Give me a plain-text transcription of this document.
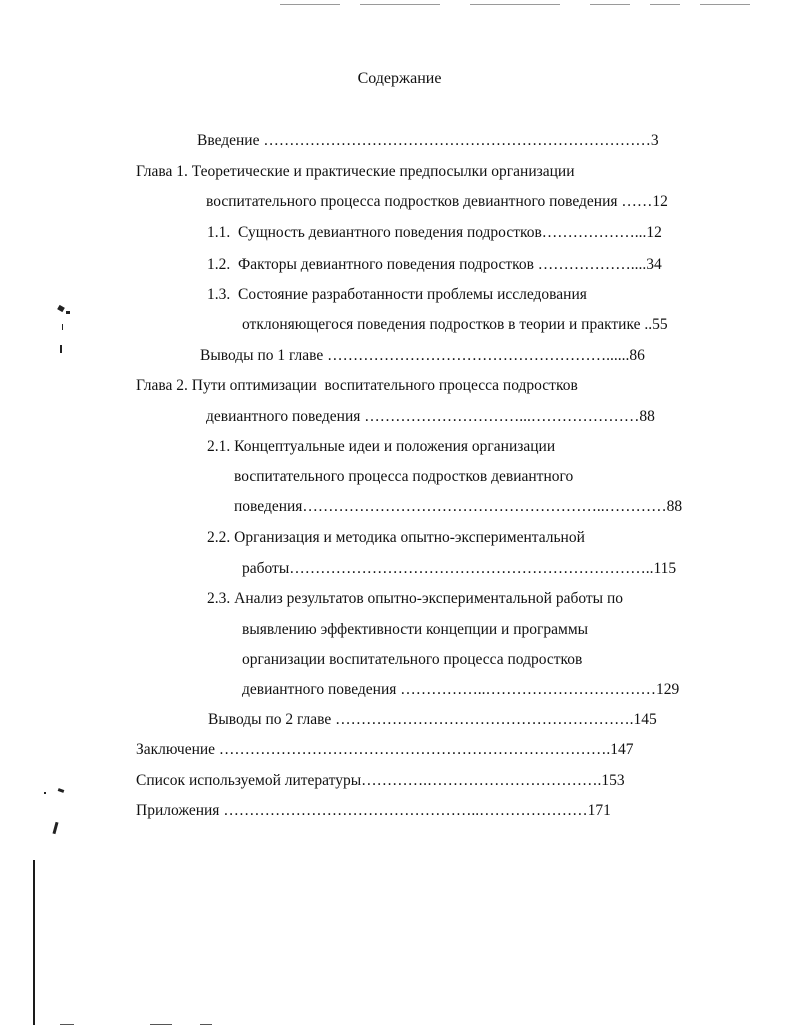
Содержание
Введение …………………………………………………………………3
Глава 1. Теоретические и практические предпосылки организации
воспитательного процесса подростков девиантного поведения ……12
1.1.  Сущность девиантного поведения подростков………………...12
1.2.  Факторы девиантного поведения подростков ………………....34
1.3.  Состояние разработанности проблемы исследования
отклоняющегося поведения подростков в теории и практике ..55
Выводы по 1 главе ………………………………………………......86
Глава 2. Пути оптимизации  воспитательного процесса подростков
девиантного поведения …………………………...…………………88
2.1. Концептуальные идеи и положения организации
воспитательного процесса подростков девиантного
поведения…………………………………………………..…………88
2.2. Организация и методика опытно-экспериментальной
работы……………………………………………………………..115
2.3. Анализ результатов опытно-экспериментальной работы по
выявлению эффективности концепции и программы
организации воспитательного процесса подростков
девиантного поведения ……………..……………………………129
Выводы по 2 главе ………………………………………………….145
Заключение ………………………………………………………………….147
Список используемой литературы………….…………………………….153
Приложения …………………………………………..…………………171
